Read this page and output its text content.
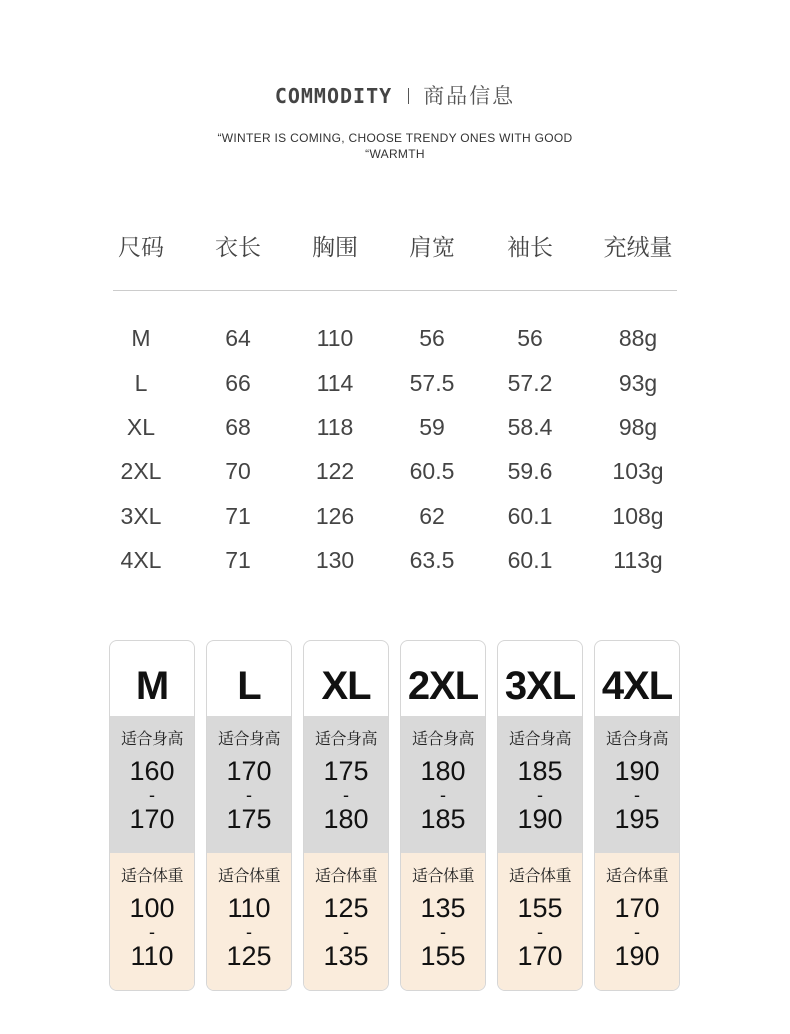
COMMODITY 商品信息
“WINTER IS COMING, CHOOSE TRENDY ONES WITH GOOD
“WARMTH
尺码	衣长	胸围	肩宽	袖长	充绒量
M	64	110	56	56	88g
L	66	114	57.5	57.2	93g
XL	68	118	59	58.4	98g
2XL	70	122	60.5	59.6	103g
3XL	71	126	62	60.1	108g
4XL	71	130	63.5	60.1	113g
M
适合身高
160
-
170
适合体重
100
-
110
L
适合身高
170
-
175
适合体重
110
-
125
XL
适合身高
175
-
180
适合体重
125
-
135
2XL
适合身高
180
-
185
适合体重
135
-
155
3XL
适合身高
185
-
190
适合体重
155
-
170
4XL
适合身高
190
-
195
适合体重
170
-
190
